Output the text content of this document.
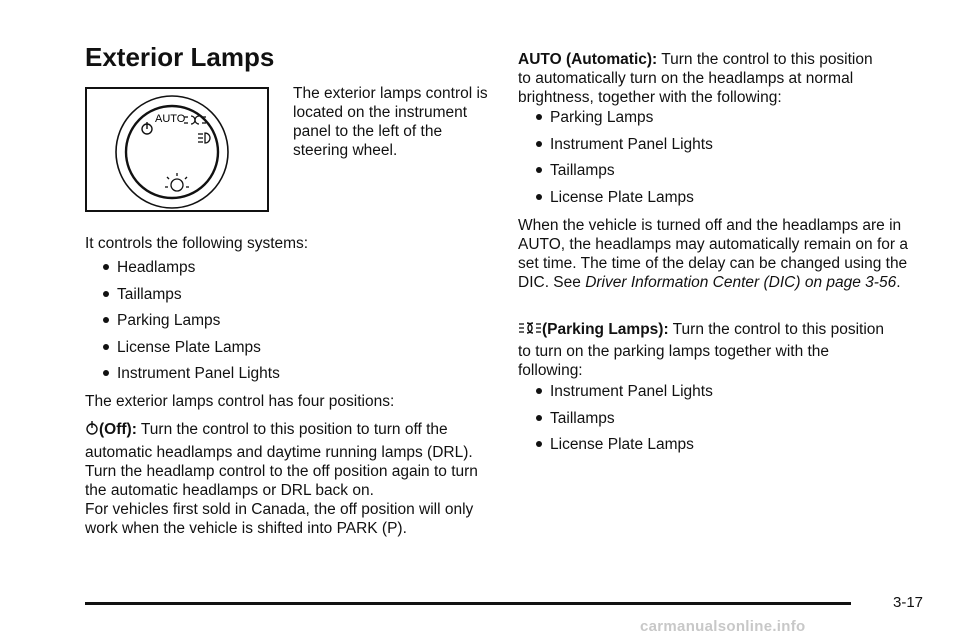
Exterior Lamps
AUTO

The exterior lamps control is located on the instrument panel to the left of the steering wheel.

It controls the following systems:

Headlamps
Taillamps
Parking Lamps
License Plate Lamps
Instrument Panel Lights

The exterior lamps control has four positions:

(Off): Turn the control to this position to turn off the

automatic headlamps and daytime running lamps (DRL). Turn the headlamp control to the off position again to turn the automatic headlamps or DRL back on.

For vehicles first sold in Canada, the off position will only work when the vehicle is shifted into PARK (P).

AUTO (Automatic): Turn the control to this position

to automatically turn on the headlamps at normal brightness, together with the following:

Parking Lamps
Instrument Panel Lights
Taillamps
License Plate Lamps

When the vehicle is turned off and the headlamps are in AUTO, the headlamps may automatically remain on for a set time. The time of the delay can be changed using the DIC. See Driver Information Center (DIC) on page 3-56.

(Parking Lamps): Turn the control to this position

to turn on the parking lamps together with the following:

Instrument Panel Lights
Taillamps
License Plate Lamps
3-17
carmanualsonline.info
